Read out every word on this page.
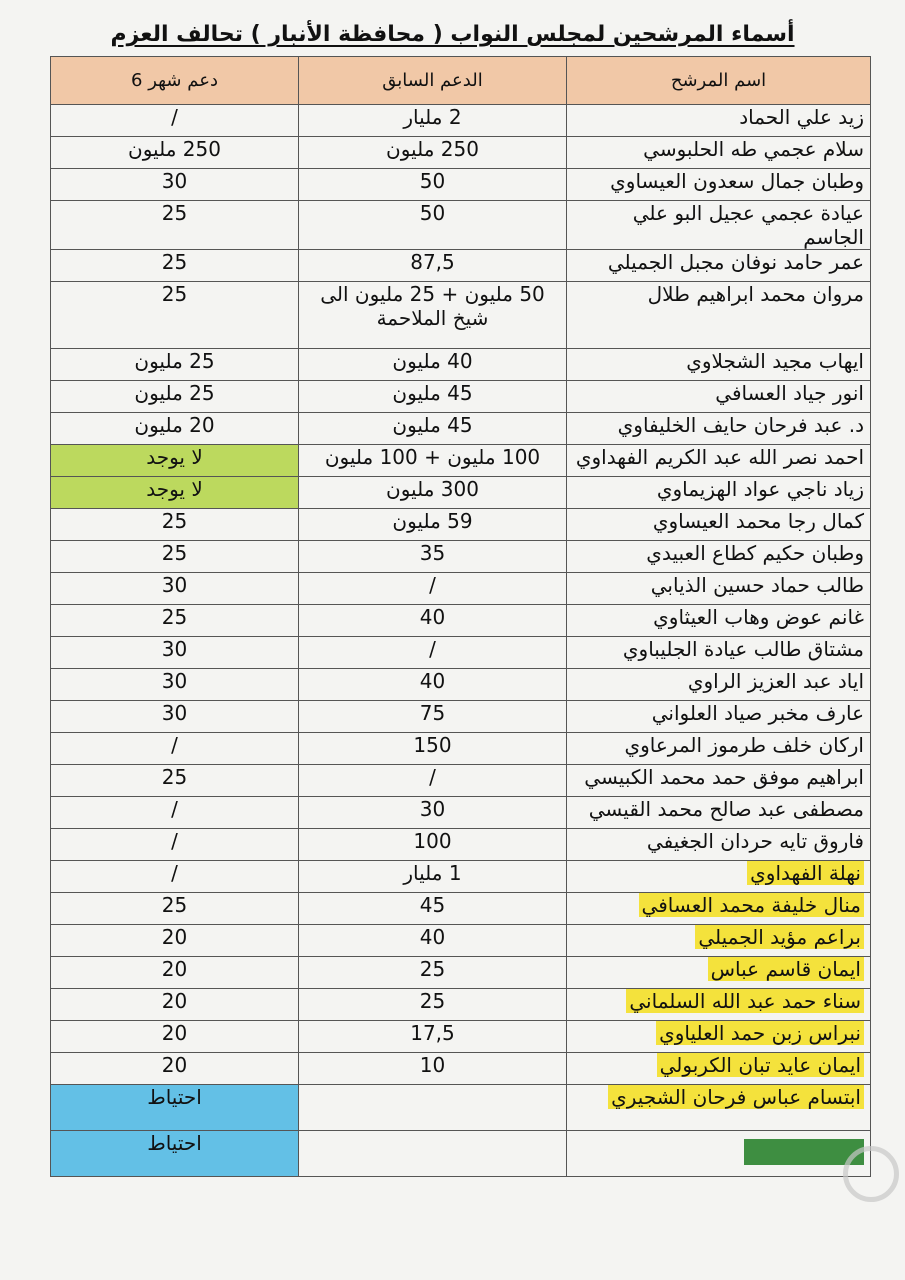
أسماء المرشحين لمجلس النواب ( محافظة الأنبار ) تحالف العزم
اسم المرشح	الدعم السابق	دعم شهر 6
زيد علي الحماد	2 مليار	/
سلام عجمي طه الحلبوسي	250 مليون	250 مليون
وطبان جمال سعدون العيساوي	50	30
عيادة عجمي عجيل البو علي الجاسم	50	25
عمر حامد نوفان مجبل الجميلي	87,5	25
مروان محمد ابراهيم طلال	50 مليون + 25 مليون الى شيخ الملاحمة	25
ايهاب مجيد الشجلاوي	40 مليون	25 مليون
انور جياد العسافي	45 مليون	25 مليون
د. عبد فرحان حايف الخليفاوي	45 مليون	20 مليون
احمد نصر الله عبد الكريم الفهداوي	100 مليون + 100 مليون	لا يوجد
زياد ناجي عواد الهزيماوي	300 مليون	لا يوجد
كمال رجا محمد العيساوي	59 مليون	25
وطبان حكيم كطاع العبيدي	35	25
طالب حماد حسين الذيابي	/	30
غانم عوض وهاب العيثاوي	40	25
مشتاق طالب عيادة الجليباوي	/	30
اياد عبد العزيز الراوي	40	30
عارف مخبر صياد العلواني	75	30
اركان خلف طرموز المرعاوي	150	/
ابراهيم موفق حمد محمد الكبيسي	/	25
مصطفى عبد صالح محمد القيسي	30	/
فاروق تايه حردان الجغيفي	100	/
نهلة الفهداوي	1 مليار	/
منال خليفة محمد العسافي	45	25
براعم مؤيد الجميلي	40	20
ايمان قاسم عباس	25	20
سناء حمد عبد الله السلماني	25	20
نبراس زبن حمد العلياوي	17,5	20
ايمان عايد تبان الكربولي	10	20
ابتسام عباس فرحان الشجيري		احتياط
		احتياط
